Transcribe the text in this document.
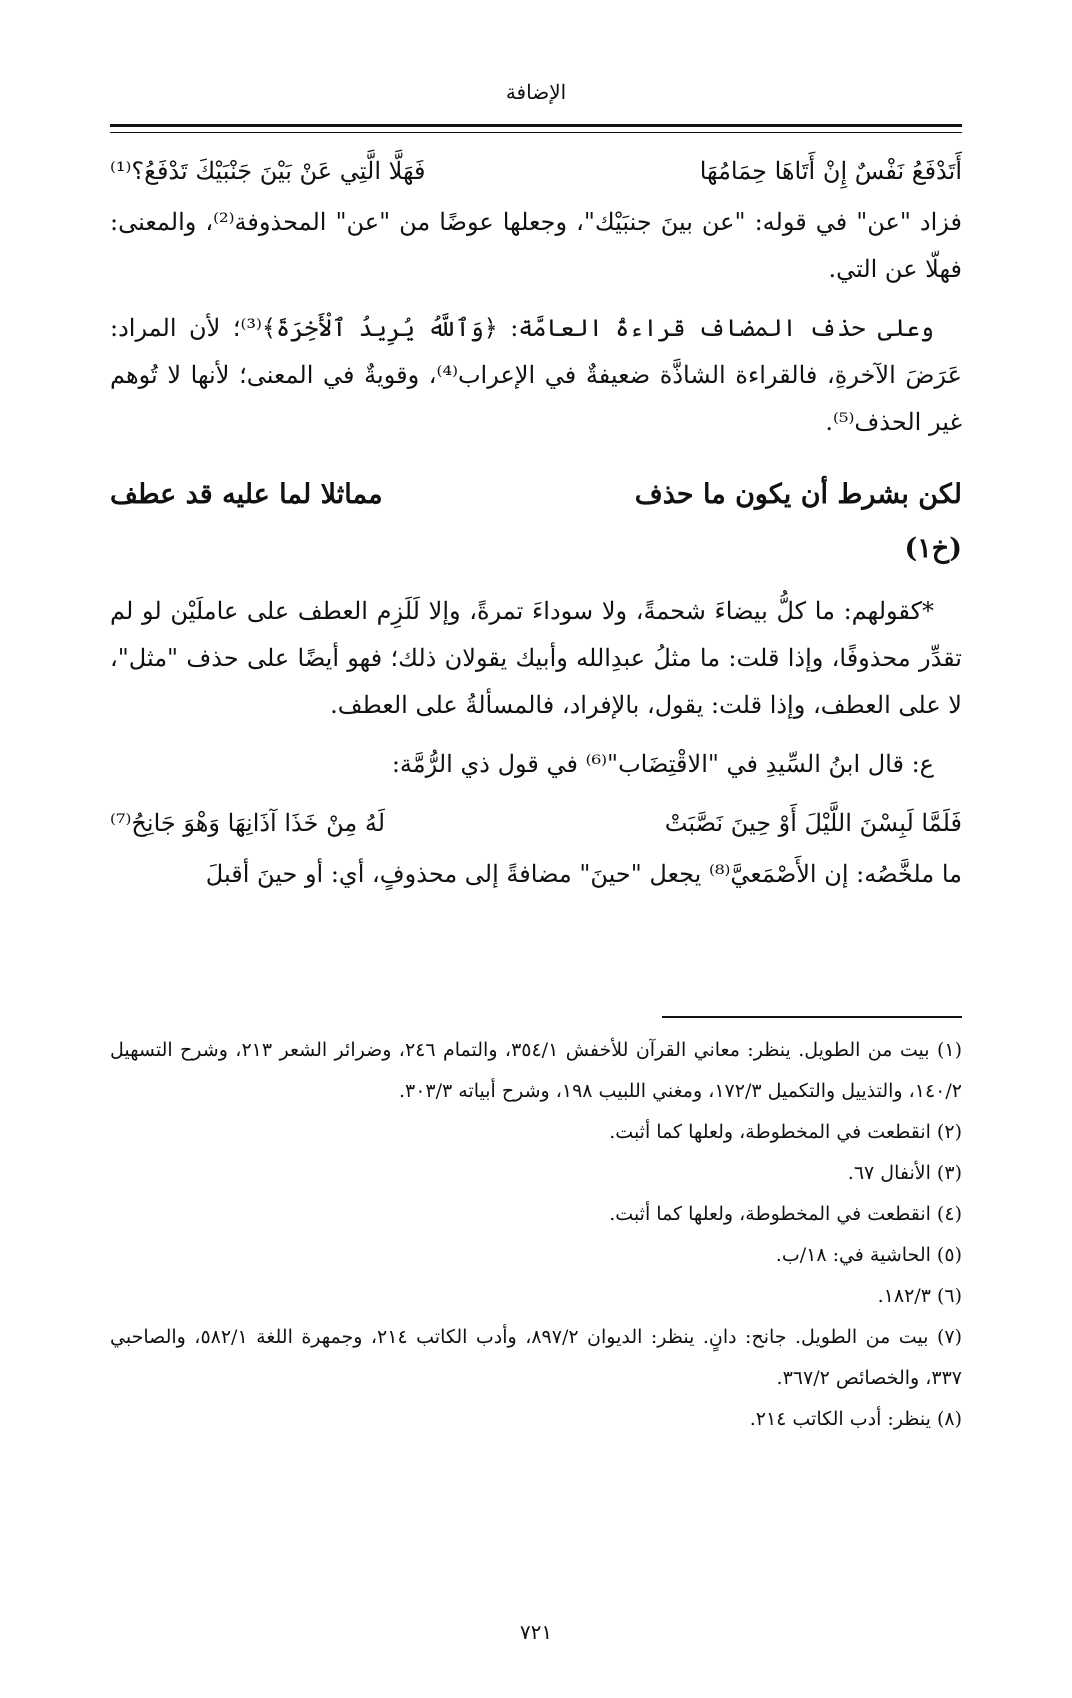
الإضافة
أَتَدْفَعُ نَفْسٌ إِنْ أَتَاهَا حِمَامُهَا
فَهَلَّا الَّتِي عَنْ بَيْنَ جَنْبَيْكَ تَدْفَعُ؟⁽¹⁾

فزاد "عن" في قوله: "عن بينَ جنبَيْك"، وجعلها عوضًا من "عن" المحذوفة⁽²⁾، والمعنى: فهلّا عن التي.

وعلى حذف المضاف قراءةُ العامَّة: ﴿وَٱللَّهُ يُرِيدُ ٱلْأَخِرَةَ﴾⁽³⁾؛ لأن المراد: عَرَضَ الآخرةِ، فالقراءة الشاذَّة ضعيفةٌ في الإعراب⁽⁴⁾، وقويةٌ في المعنى؛ لأنها لا تُوهم غير الحذف⁽⁵⁾.

لكن بشرط أن يكون ما حذف
مماثلا لما عليه قد عطف
(خ١)

*كقولهم: ما كلُّ بيضاءَ شحمةً، ولا سوداءَ تمرةً، وإلا لَلَزِم العطف على عاملَيْن لو لم تقدِّر محذوفًا، وإذا قلت: ما مثلُ عبدِالله وأبيك يقولان ذلك؛ فهو أيضًا على حذف "مثل"، لا على العطف، وإذا قلت: يقول، بالإفراد، فالمسألةُ على العطف.

ع: قال ابنُ السِّيدِ في "الاقْتِضَاب"⁽⁶⁾ في قول ذي الرُّمَّة:

فَلَمَّا لَبِسْنَ اللَّيْلَ أَوْ حِينَ نَصَّبَتْ
لَهُ مِنْ خَذَا آذَانِهَا وَهْوَ جَانِحُ⁽⁷⁾

ما ملخَّصُه: إن الأَصْمَعيَّ⁽⁸⁾ يجعل "حينَ" مضافةً إلى محذوفٍ، أي: أو حينَ أقبلَ

(١) بيت من الطويل. ينظر: معاني القرآن للأخفش ٣٥٤/١، والتمام ٢٤٦، وضرائر الشعر ٢١٣، وشرح التسهيل ١٤٠/٢، والتذييل والتكميل ١٧٢/٣، ومغني اللبيب ١٩٨، وشرح أبياته ٣٠٣/٣.
(٢) انقطعت في المخطوطة، ولعلها كما أثبت.
(٣) الأنفال ٦٧.
(٤) انقطعت في المخطوطة، ولعلها كما أثبت.
(٥) الحاشية في: ١٨/ب.
(٦) ١٨٢/٣.
(٧) بيت من الطويل. جانح: دانٍ. ينظر: الديوان ٨٩٧/٢، وأدب الكاتب ٢١٤، وجمهرة اللغة ٥٨٢/١، والصاحبي ٣٣٧، والخصائص ٣٦٧/٢.
(٨) ينظر: أدب الكاتب ٢١٤.
٧٢١
